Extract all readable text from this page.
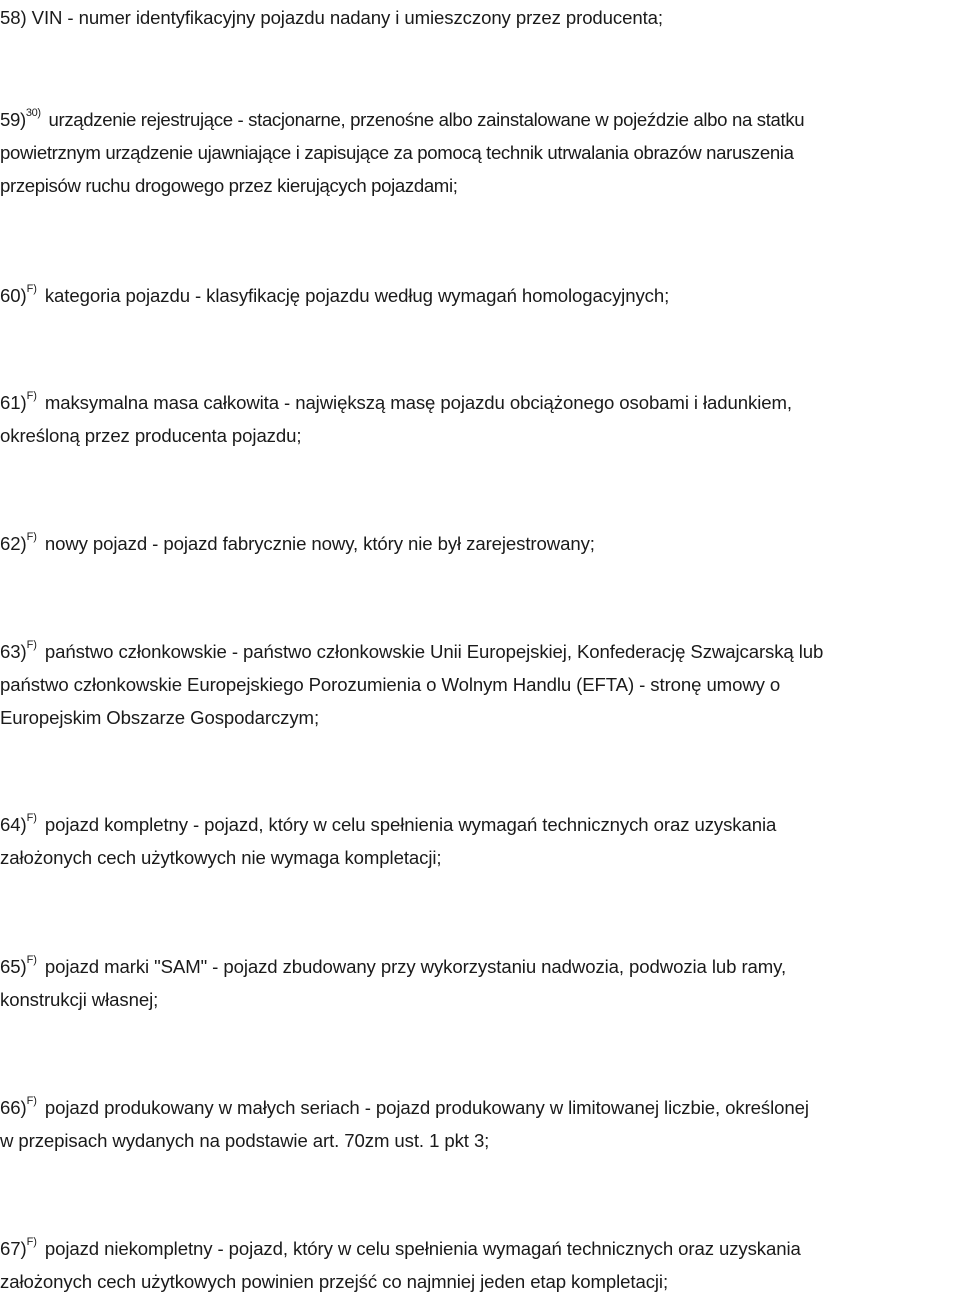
58) VIN - numer identyfikacyjny pojazdu nadany i umieszczony przez producenta;
59)$^{30)}$ urządzenie rejestrujące - stacjonarne, przenośne albo zainstalowane w pojeździe albo na statku
powietrznym urządzenie ujawniające i zapisujące za pomocą technik utrwalania obrazów naruszenia
przepisów ruchu drogowego przez kierujących pojazdami;
60)$^{F)}$ kategoria pojazdu - klasyfikację pojazdu według wymagań homologacyjnych;
61)$^{F)}$ maksymalna masa całkowita - największą masę pojazdu obciążonego osobami i ładunkiem,
określoną przez producenta pojazdu;
62)$^{F)}$ nowy pojazd - pojazd fabrycznie nowy, który nie był zarejestrowany;
63)$^{F)}$ państwo członkowskie - państwo członkowskie Unii Europejskiej, Konfederację Szwajcarską lub
państwo członkowskie Europejskiego Porozumienia o Wolnym Handlu (EFTA) - stronę umowy o
Europejskim Obszarze Gospodarczym;
64)$^{F)}$ pojazd kompletny - pojazd, który w celu spełnienia wymagań technicznych oraz uzyskania
założonych cech użytkowych nie wymaga kompletacji;
65)$^{F)}$ pojazd marki "SAM" - pojazd zbudowany przy wykorzystaniu nadwozia, podwozia lub ramy,
konstrukcji własnej;
66)$^{F)}$ pojazd produkowany w małych seriach - pojazd produkowany w limitowanej liczbie, określonej
w przepisach wydanych na podstawie art. 70zm ust. 1 pkt 3;
67)$^{F)}$ pojazd niekompletny - pojazd, który w celu spełnienia wymagań technicznych oraz uzyskania
założonych cech użytkowych powinien przejść co najmniej jeden etap kompletacji;
